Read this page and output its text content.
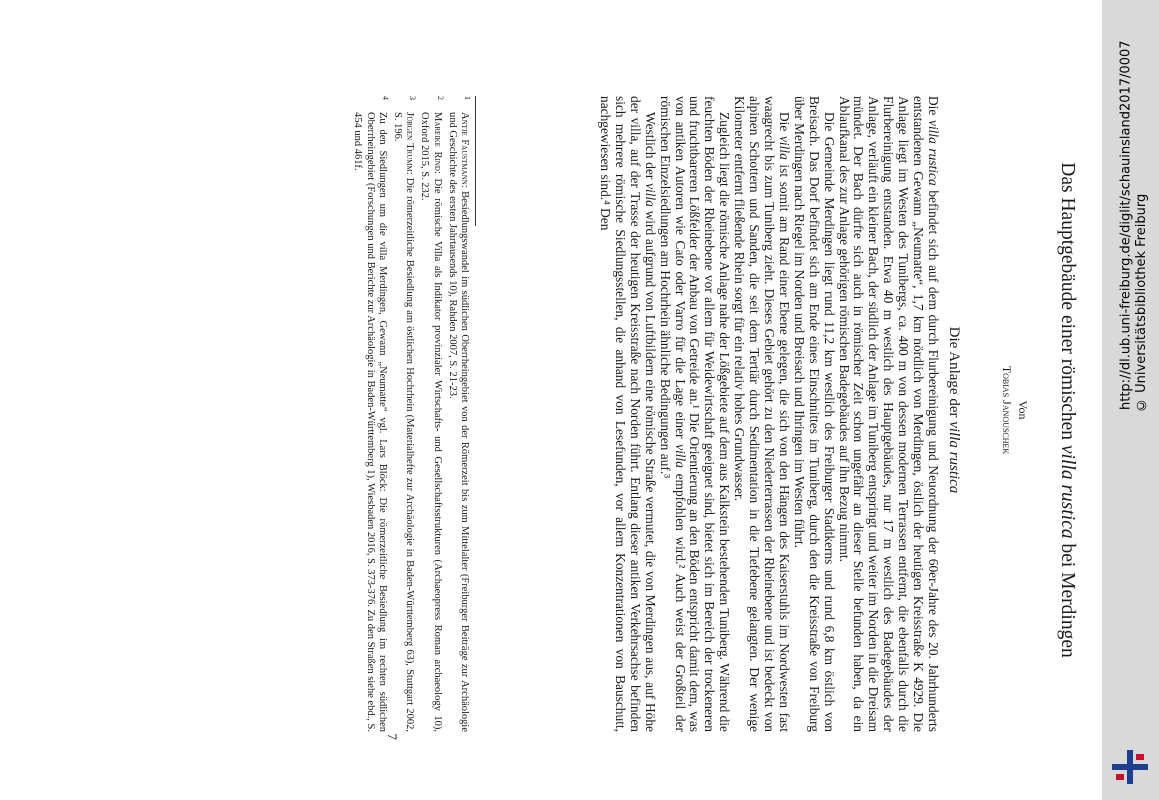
Das Hauptgebäude einer römischen villa rustica bei Merdingen
Von
Tobias Janouschek
Die Anlage der villa rustica

Die villa rustica befindet sich auf dem durch Flurbereinigung und Neuordnung der 60er-Jahre des 20. Jahrhunderts entstandenen Gewann „Neumatte“, 1,7 km nördlich von Merdingen, östlich der heutigen Kreisstraße K 4929. Die Anlage liegt im Westen des Tunibergs, ca. 400 m von dessen modernen Terrassen entfernt, die ebenfalls durch die Flurbereinigung entstanden. Etwa 40 m westlich des Hauptgebäudes, nur 17 m westlich des Badegebäudes der Anlage, verläuft ein kleiner Bach, der südlich der Anlage im Tuniberg entspringt und weiter im Norden in die Dreisam mündet. Der Bach dürfte sich auch in römischer Zeit schon ungefähr an dieser Stelle befunden haben, da ein Ablaufkanal des zur Anlage gehörigen römischen Badegebäudes auf ihn Bezug nimmt.

Die Gemeinde Merdingen liegt rund 11,2 km westlich des Freiburger Stadtkerns und rund 6,8 km östlich von Breisach. Das Dorf befindet sich am Ende eines Einschnittes im Tuniberg, durch den die Kreisstraße von Freiburg über Merdingen nach Riegel im Norden und Breisach und Ihringen im Westen führt.

Die villa ist somit am Rand einer Ebene gelegen, die sich von den Hängen des Kaiserstuhls im Nordwesten fast waagrecht bis zum Tuniberg zieht. Dieses Gebiet gehört zu den Niederterrassen der Rheinebene und ist bedeckt von alpinen Schottern und Sanden, die seit dem Tertiär durch Sedimentation in die Tiefebene gelangten. Der wenige Kilometer entfernt fließende Rhein sorgt für ein relativ hohes Grundwasser.

Zugleich liegt die römische Anlage nahe der Lößgebiete auf dem aus Kalkstein bestehenden Tuniberg. Während die feuchten Böden der Rheinebene vor allem für Weidewirtschaft geeignet sind, bietet sich im Bereich der trockeneren und fruchtbareren Lößfelder der Anbau von Getreide an.¹ Die Orientierung an den Böden entspricht damit dem, was von antiken Autoren wie Cato oder Varro für die Lage einer villa empfohlen wird.² Auch weist der Großteil der römischen Einzelsiedlungen am Hochrhein ähnliche Bedingungen auf.³

Westlich der villa wird aufgrund von Luftbildern eine römische Straße vermutet, die von Merdingen aus, auf Höhe der villa, auf der Trasse der heutigen Kreisstraße nach Norden führt. Entlang dieser antiken Verkehrsachse befinden sich mehrere römische Siedlungsstellen, die anhand von Lesefunden, vor allem Konzentrationen von Bauschutt, nachgewiesen sind.⁴ Den

1
Antje Faustmann: Besiedlungswandel im südlichen Oberrheingebiet von der Römerzeit bis zum Mittelalter (Freiburger Beiträge zur Archäologie und Geschichte des ersten Jahrtausends 10), Rahden 2007, S. 21-23.
2
Mareike Rind: Die römische Villa als Indikator provinzialer Wirtschafts- und Gesellschaftsstrukturen (Archaeopress Roman archaeology 10), Oxford 2015, S. 232.
3
Jürgen Trumm: Die römerzeitliche Besiedlung am östlichen Hochrhein (Materialhefte zur Archäologie in Baden-Württemberg 63), Stuttgart 2002, S. 196.
4
Zu den Siedlungen um die villa Merdingen, Gewann „Neumatte“ vgl. Lars Blöck: Die römerzeitliche Besiedlung im rechten südlichen Oberrheingebiet (Forschungen und Berichte zur Archäologie in Baden-Württemberg 1), Wiesbaden 2016, S. 373-376. Zu den Straßen siehe ebd., S. 454 und 461f.
7
http://dl.ub.uni-freiburg.de/diglit/schauinsland2017/0007 © Universitätsbibliothek Freiburg
